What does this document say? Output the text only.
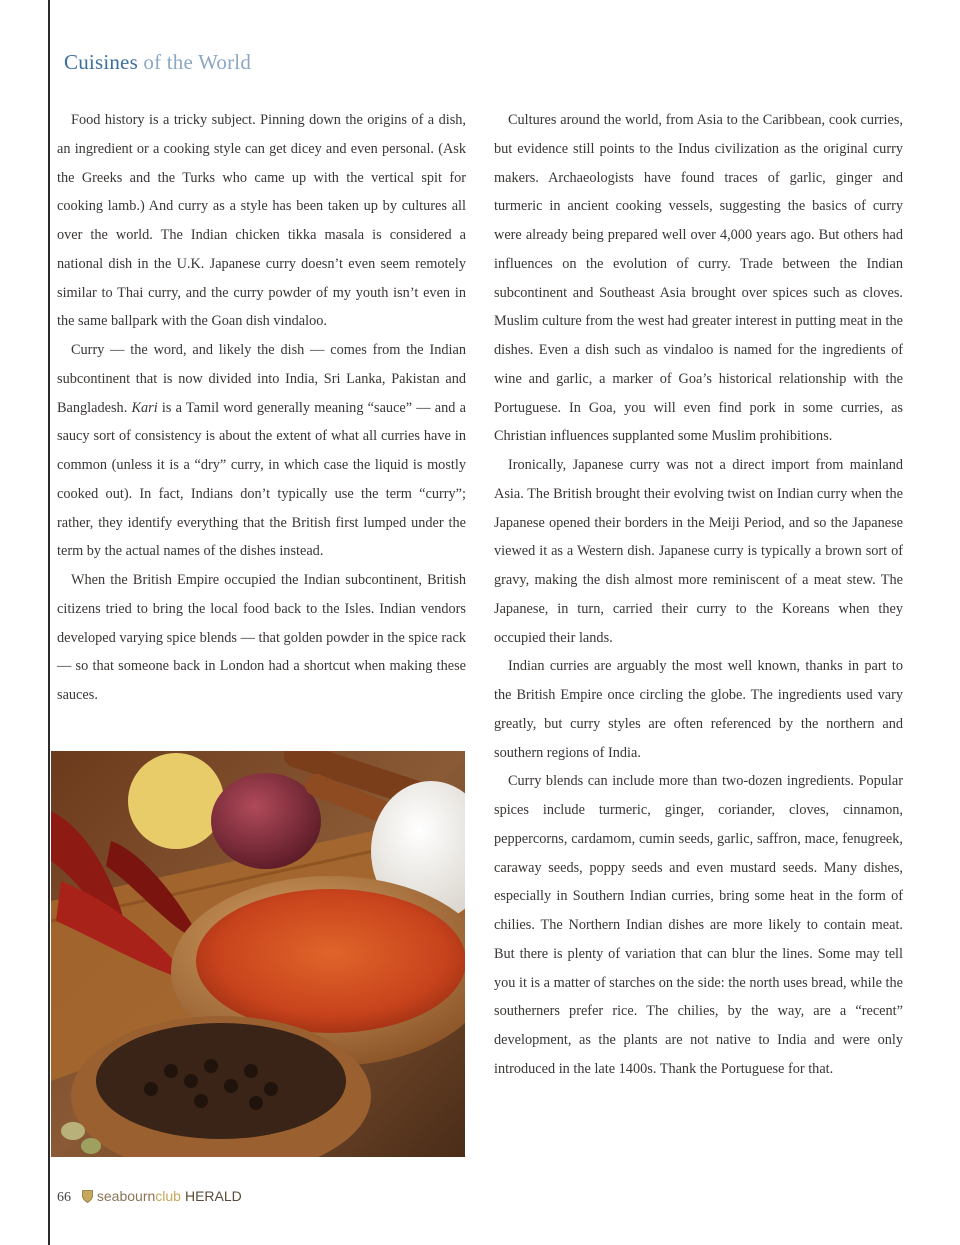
Cuisines of the World

Food history is a tricky subject. Pinning down the origins of a dish, an ingredient or a cooking style can get dicey and even personal. (Ask the Greeks and the Turks who came up with the vertical spit for cooking lamb.) And curry as a style has been taken up by cultures all over the world. The Indian chicken tikka masala is considered a national dish in the U.K. Japanese curry doesn’t even seem remotely similar to Thai curry, and the curry powder of my youth isn’t even in the same ballpark with the Goan dish vindaloo.

Curry — the word, and likely the dish — comes from the Indian subcontinent that is now divided into India, Sri Lanka, Pakistan and Bangladesh. Kari is a Tamil word generally meaning “sauce” — and a saucy sort of consistency is about the extent of what all curries have in common (unless it is a “dry” curry, in which case the liquid is mostly cooked out). In fact, Indians don’t typically use the term “curry”; rather, they identify everything that the British first lumped under the term by the actual names of the dishes instead.

When the British Empire occupied the Indian subcontinent, British citizens tried to bring the local food back to the Isles. Indian vendors developed varying spice blends — that golden powder in the spice rack — so that someone back in London had a shortcut when making these sauces.

Cultures around the world, from Asia to the Caribbean, cook curries, but evidence still points to the Indus civilization as the original curry makers. Archaeologists have found traces of garlic, ginger and turmeric in ancient cooking vessels, suggesting the basics of curry were already being prepared well over 4,000 years ago. But others had influences on the evolution of curry. Trade between the Indian subcontinent and Southeast Asia brought over spices such as cloves. Muslim culture from the west had greater interest in putting meat in the dishes. Even a dish such as vindaloo is named for the ingredients of wine and garlic, a marker of Goa’s historical relationship with the Portuguese. In Goa, you will even find pork in some curries, as Christian influences supplanted some Muslim prohibitions.

Ironically, Japanese curry was not a direct import from mainland Asia. The British brought their evolving twist on Indian curry when the Japanese opened their borders in the Meiji Period, and so the Japanese viewed it as a Western dish. Japanese curry is typically a brown sort of gravy, making the dish almost more reminiscent of a meat stew. The Japanese, in turn, carried their curry to the Koreans when they occupied their lands.

Indian curries are arguably the most well known, thanks in part to the British Empire once circling the globe. The ingredients used vary greatly, but curry styles are often referenced by the northern and southern regions of India.

Curry blends can include more than two-dozen ingredients. Popular spices include turmeric, ginger, coriander, cloves, cinnamon, peppercorns, cardamom, cumin seeds, garlic, saffron, mace, fenugreek, caraway seeds, poppy seeds and even mustard seeds. Many dishes, especially in Southern Indian curries, bring some heat in the form of chilies. The Northern Indian dishes are more likely to contain meat. But there is plenty of variation that can blur the lines. Some may tell you it is a matter of starches on the side: the north uses bread, while the southerners prefer rice. The chilies, by the way, are a “recent” development, as the plants are not native to India and were only introduced in the late 1400s. Thank the Portuguese for that.

66 seabournclub HERALD
